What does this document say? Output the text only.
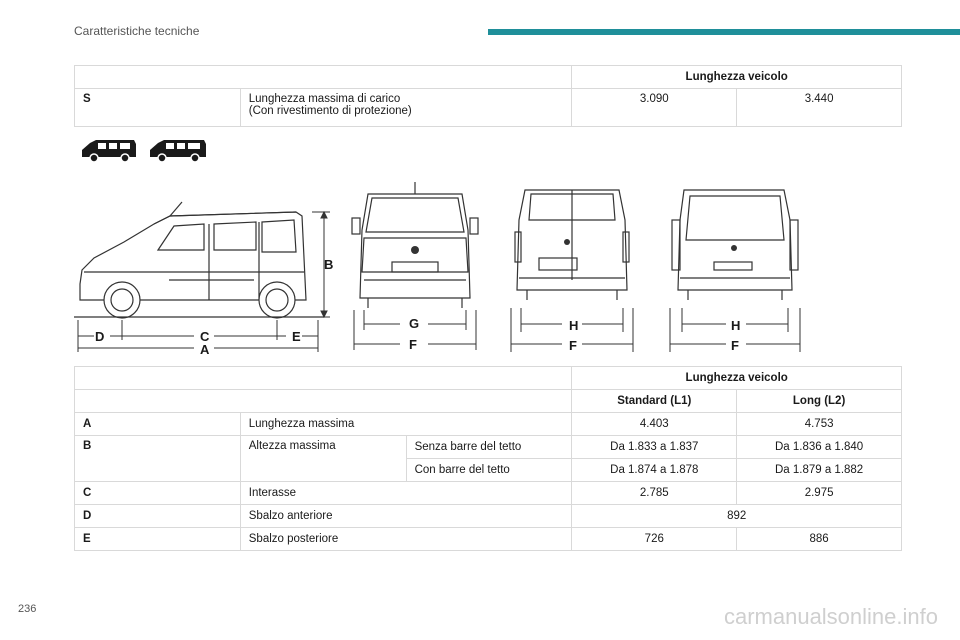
Caratteristiche tecniche
		Lunghezza veicolo	
S	Lunghezza massima di carico
(Con rivestimento di protezione)	3.090	3.440
B
D	C	E
A
G
F
H
F
H
F
			Lunghezza veicolo	
			Standard (L1)	Long (L2)
A	Lunghezza massima		4.403	4.753
B	Altezza massima	Senza barre del tetto	Da 1.833 a 1.837	Da 1.836 a 1.840
		Con barre del tetto	Da 1.874 a 1.878	Da 1.879 a 1.882
C	Interasse		2.785	2.975
D	Sbalzo anteriore		892	
E	Sbalzo posteriore		726	886
236	carmanualsonline.info
